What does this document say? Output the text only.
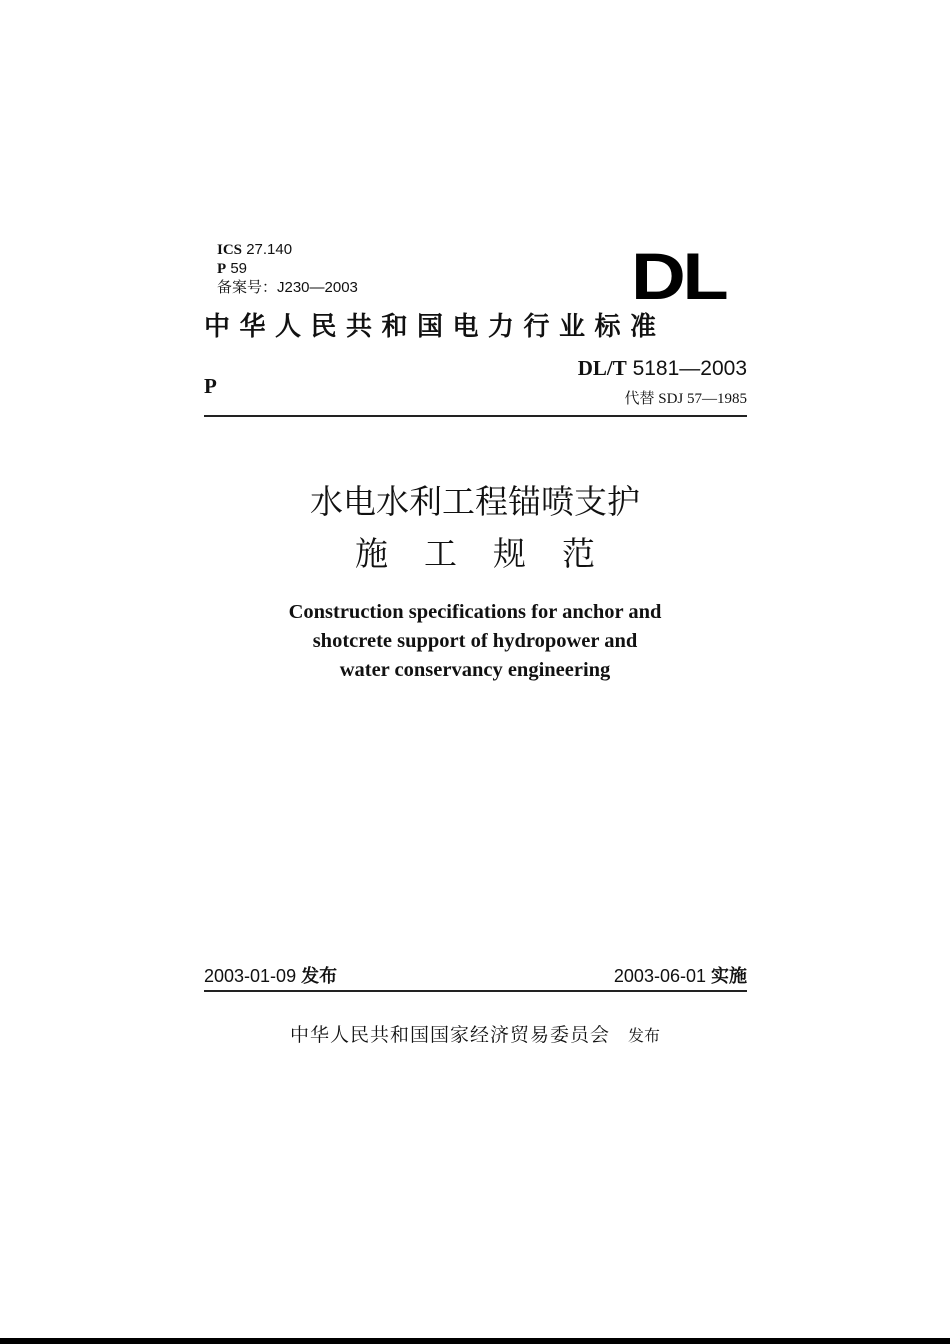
ICS 27.140
P 59
备案号：J230—2003	DL
中华人民共和国电力行业标准
P
DL/T 5181—2003
代替 SDJ 57—1985
水电水利工程锚喷支护
施工规范
Construction specifications for anchor and
shotcrete support of hydropower and
water conservancy engineering
2003-01-09 发布	2003-06-01 实施
中华人民共和国国家经济贸易委员会 发布
